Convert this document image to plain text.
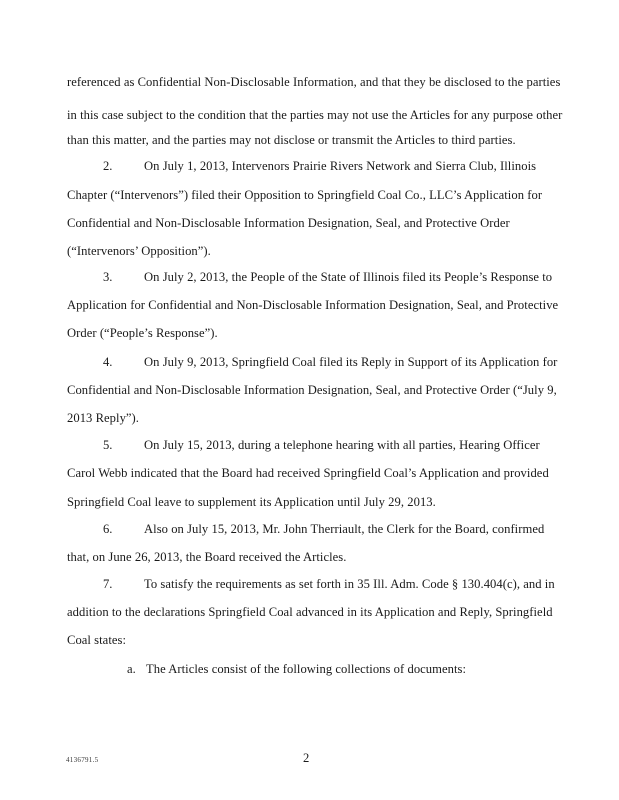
referenced as Confidential Non-Disclosable Information, and that they be disclosed to the parties
in this case subject to the condition that the parties may not use the Articles for any purpose other
than this matter, and the parties may not disclose or transmit the Articles to third parties.
2.	On July 1, 2013, Intervenors Prairie Rivers Network and Sierra Club, Illinois
Chapter (“Intervenors”) filed their Opposition to Springfield Coal Co., LLC’s Application for
Confidential and Non-Disclosable Information Designation, Seal, and Protective Order
(“Intervenors’ Opposition”).
3.	On July 2, 2013, the People of the State of Illinois filed its People’s Response to
Application for Confidential and Non-Disclosable Information Designation, Seal, and Protective
Order (“People’s Response”).
4.	On July 9, 2013, Springfield Coal filed its Reply in Support of its Application for
Confidential and Non-Disclosable Information Designation, Seal, and Protective Order (“July 9,
2013 Reply”).
5.	On July 15, 2013, during a telephone hearing with all parties, Hearing Officer
Carol Webb indicated that the Board had received Springfield Coal’s Application and provided
Springfield Coal leave to supplement its Application until July 29, 2013.
6.	Also on July 15, 2013, Mr. John Therriault, the Clerk for the Board, confirmed
that, on June 26, 2013, the Board received the Articles.
7.	To satisfy the requirements as set forth in 35 Ill. Adm. Code § 130.404(c), and in
addition to the declarations Springfield Coal advanced in its Application and Reply, Springfield
Coal states:
a. The Articles consist of the following collections of documents:
4136791.5	2
